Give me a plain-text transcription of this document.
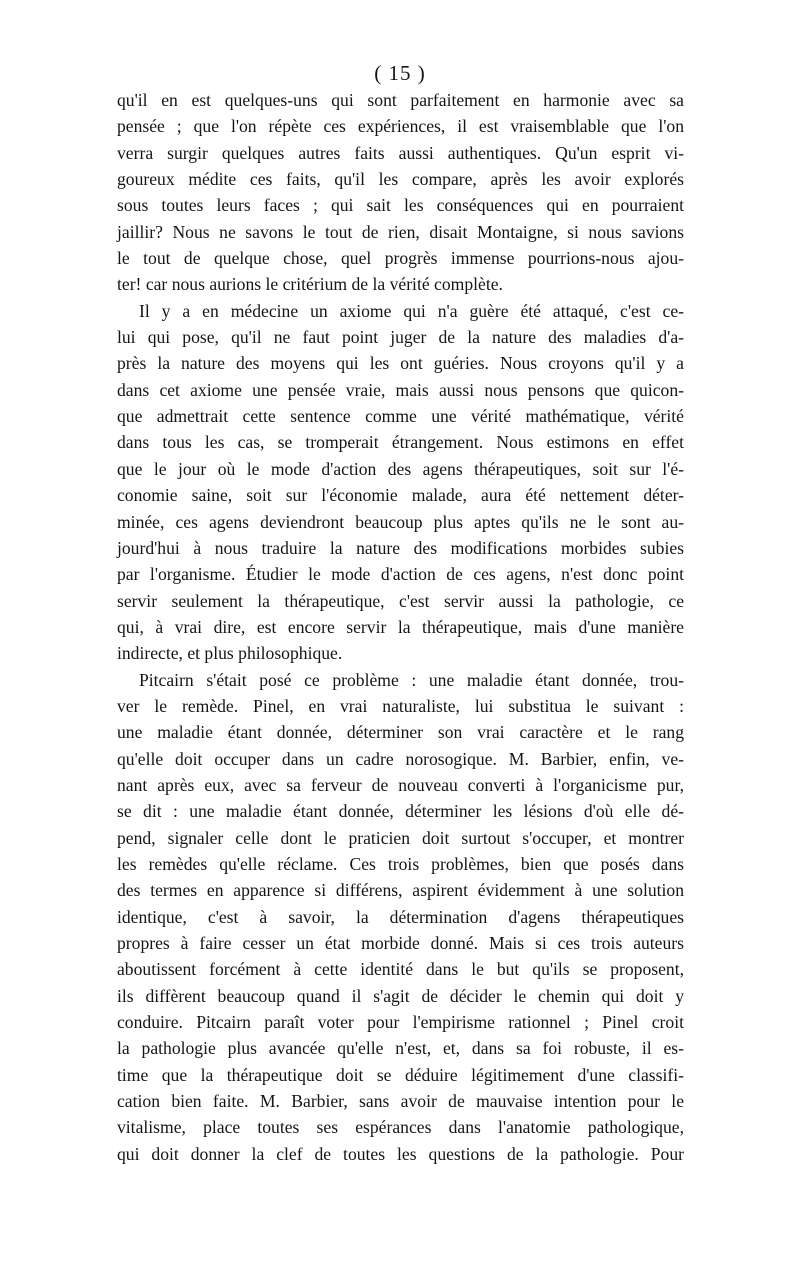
( 15 )
qu'il en est quelques-uns qui sont parfaitement en harmonie avec sa
pensée ; que l'on répète ces expériences, il est vraisemblable que l'on
verra surgir quelques autres faits aussi authentiques. Qu'un esprit vi-
goureux médite ces faits, qu'il les compare, après les avoir explorés
sous toutes leurs faces ; qui sait les conséquences qui en pourraient
jaillir? Nous ne savons le tout de rien, disait Montaigne, si nous savions
le tout de quelque chose, quel progrès immense pourrions-nous ajou-
ter! car nous aurions le critérium de la vérité complète.
Il y a en médecine un axiome qui n'a guère été attaqué, c'est ce-
lui qui pose, qu'il ne faut point juger de la nature des maladies d'a-
près la nature des moyens qui les ont guéries. Nous croyons qu'il y a
dans cet axiome une pensée vraie, mais aussi nous pensons que quicon-
que admettrait cette sentence comme une vérité mathématique, vérité
dans tous les cas, se tromperait étrangement. Nous estimons en effet
que le jour où le mode d'action des agens thérapeutiques, soit sur l'é-
conomie saine, soit sur l'économie malade, aura été nettement déter-
minée, ces agens deviendront beaucoup plus aptes qu'ils ne le sont au-
jourd'hui à nous traduire la nature des modifications morbides subies
par l'organisme. Étudier le mode d'action de ces agens, n'est donc point
servir seulement la thérapeutique, c'est servir aussi la pathologie, ce
qui, à vrai dire, est encore servir la thérapeutique, mais d'une manière
indirecte, et plus philosophique.
Pitcairn s'était posé ce problème : une maladie étant donnée, trou-
ver le remède. Pinel, en vrai naturaliste, lui substitua le suivant :
une maladie étant donnée, déterminer son vrai caractère et le rang
qu'elle doit occuper dans un cadre norosogique. M. Barbier, enfin, ve-
nant après eux, avec sa ferveur de nouveau converti à l'organicisme pur,
se dit : une maladie étant donnée, déterminer les lésions d'où elle dé-
pend, signaler celle dont le praticien doit surtout s'occuper, et montrer
les remèdes qu'elle réclame. Ces trois problèmes, bien que posés dans
des termes en apparence si différens, aspirent évidemment à une solution
identique, c'est à savoir, la détermination d'agens thérapeutiques
propres à faire cesser un état morbide donné. Mais si ces trois auteurs
aboutissent forcément à cette identité dans le but qu'ils se proposent,
ils diffèrent beaucoup quand il s'agit de décider le chemin qui doit y
conduire. Pitcairn paraît voter pour l'empirisme rationnel ; Pinel croit
la pathologie plus avancée qu'elle n'est, et, dans sa foi robuste, il es-
time que la thérapeutique doit se déduire légitimement d'une classifi-
cation bien faite. M. Barbier, sans avoir de mauvaise intention pour le
vitalisme, place toutes ses espérances dans l'anatomie pathologique,
qui doit donner la clef de toutes les questions de la pathologie. Pour
